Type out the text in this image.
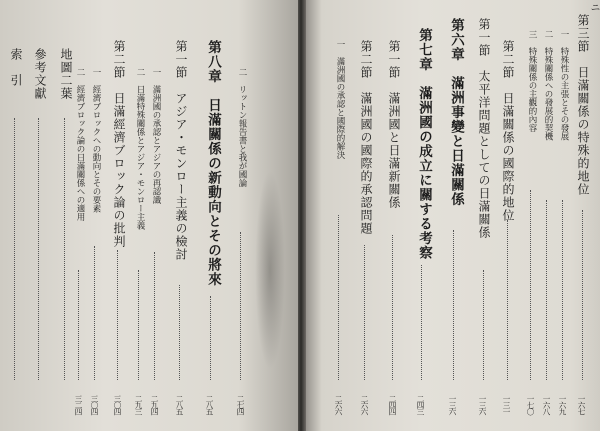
ニ
第三節　日滿關係の特殊的地位
一六七
一　特殊性の主張とその發展
一六九
二　特殊關係への發展的契機
一六八
三　特殊關係の主觀的內容
一七〇
第二節　日滿關係の國際的地位
一三一
第一節　太平洋問題としての日滿關係
一三六
第六章　滿洲事變と日滿關係
一三六
第七章　滿洲國の成立に關する考察
二四三
第一節　滿洲國と日滿新關係
二四四
第二節　滿洲國の國際的承認問題
二六六
一　滿洲國の承認と國際的解決
二六六
二　リットン報告書と我が國論
二七四
第八章　日滿關係の新動向とその將來
二八五
第一節　アジア・モンロー主義の檢討
二八五
一　滿洲國の承認とアジアの再認識
二九四
二　日滿特殊關係とアジア・モンロー主義
二九三
第二節　日滿經濟ブロック論の批判
三〇四
一　經濟ブロックへの動向とその要素
三〇四
二　經濟ブロック論の日滿關係への適用
三二四
地圖二葉
參考文獻
索　引
